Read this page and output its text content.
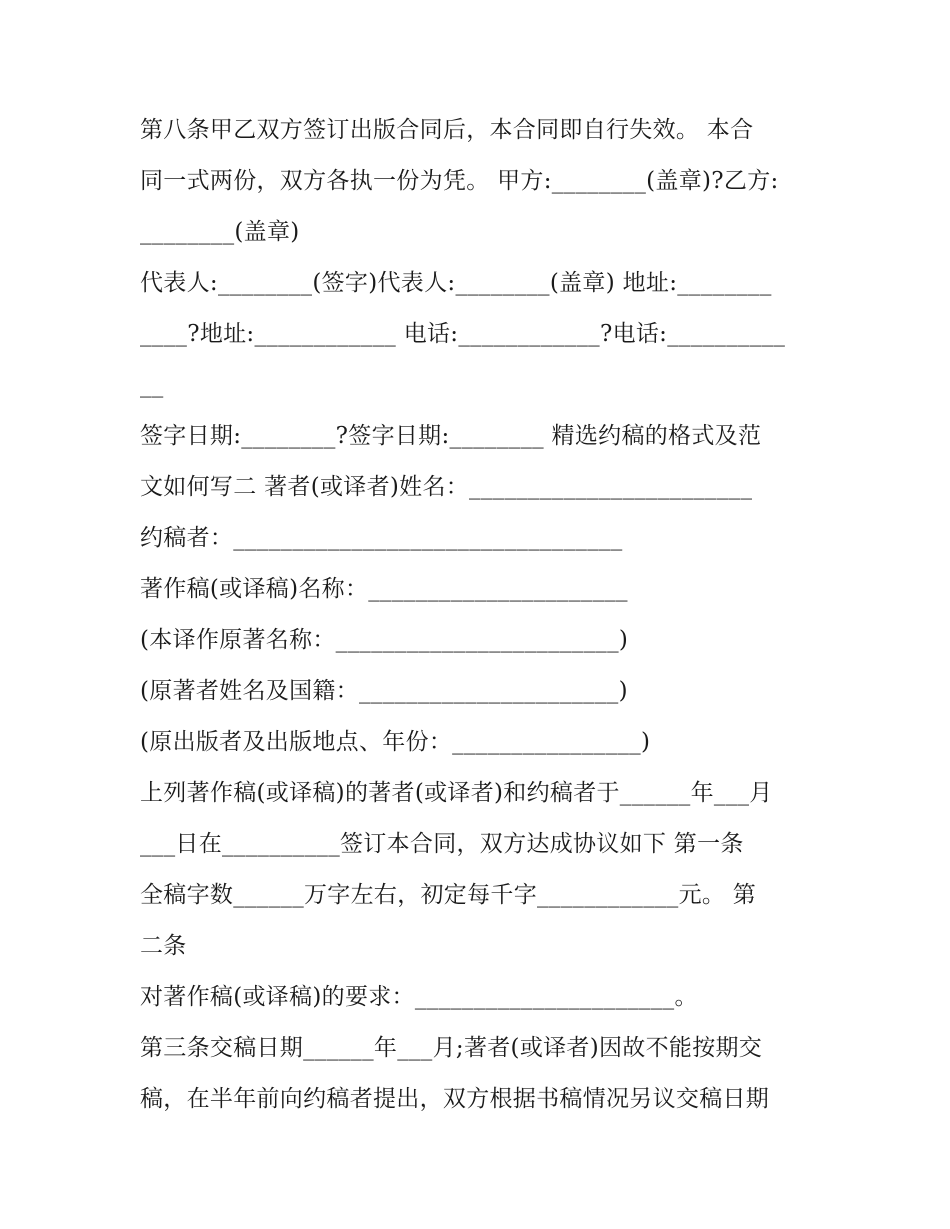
第八条甲乙双方签订出版合同后，本合同即自行失效。 本合
同一式两份，双方各执一份为凭。 甲方:________(盖章)?乙方:
________(盖章)
代表人:________(签字)代表人:________(盖章) 地址:________
____?地址:____________ 电话:____________?电话:__________
__
签字日期:________?签字日期:________ 精选约稿的格式及范
文如何写二 著者(或译者)姓名：________________________
约稿者：_________________________________
著作稿(或译稿)名称：______________________
(本译作原著名称：________________________)
(原著者姓名及国籍：______________________)
(原出版者及出版地点、年份：________________)
上列著作稿(或译稿)的著者(或译者)和约稿者于______年___月
___日在__________签订本合同，双方达成协议如下 第一条
全稿字数______万字左右，初定每千字____________元。 第
二条
对著作稿(或译稿)的要求：______________________。
第三条交稿日期______年___月;著者(或译者)因故不能按期交
稿，在半年前向约稿者提出，双方根据书稿情况另议交稿日期
